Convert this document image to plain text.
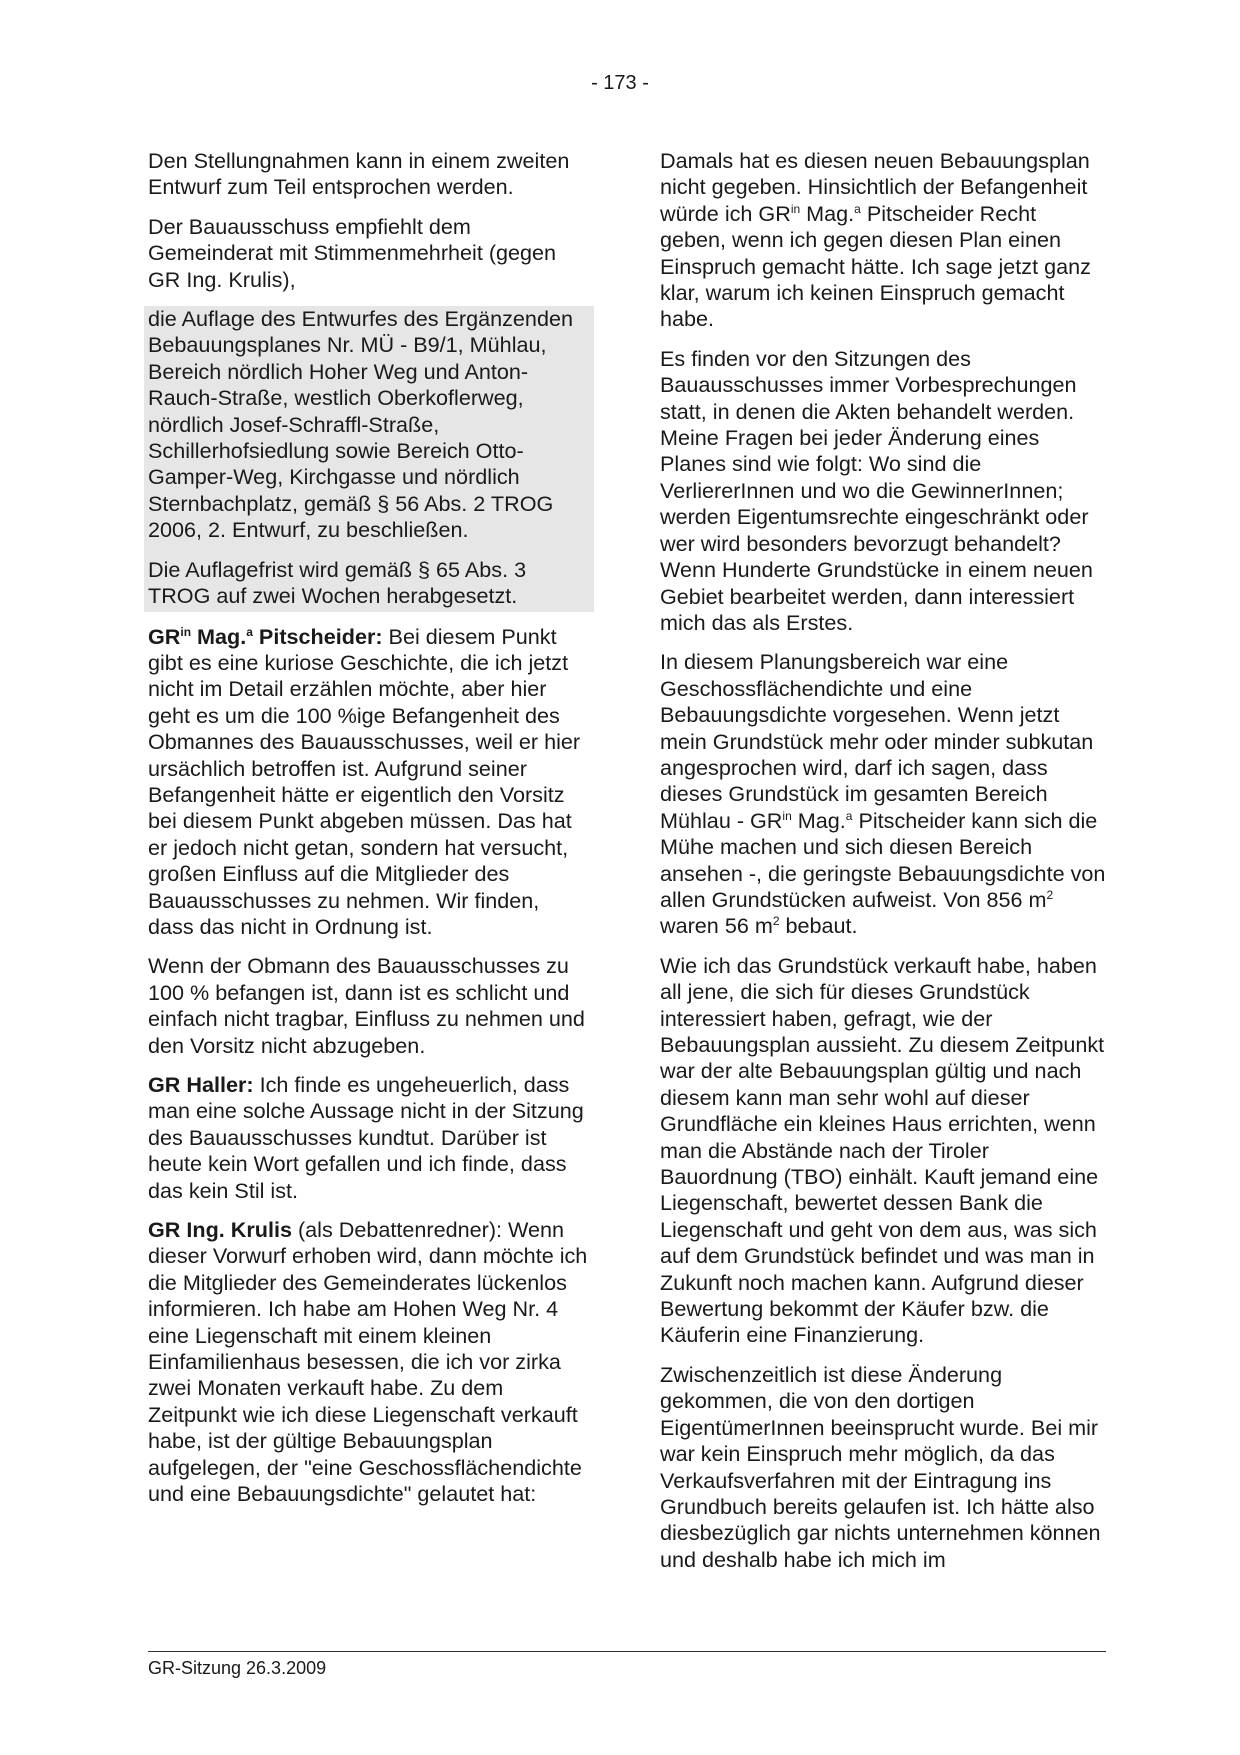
- 173 -

Den Stellungnahmen kann in einem zweiten Entwurf zum Teil entsprochen werden.

Der Bauausschuss empfiehlt dem Gemeinderat mit Stimmenmehrheit (gegen GR Ing. Krulis),

die Auflage des Entwurfes des Ergänzenden Bebauungsplanes Nr. MÜ - B9/1, Mühlau, Bereich nördlich Hoher Weg und Anton-Rauch-Straße, westlich Oberkoflerweg, nördlich Josef-Schraffl-Straße, Schillerhofsiedlung sowie Bereich Otto-Gamper-Weg, Kirchgasse und nördlich Sternbachplatz, gemäß § 56 Abs. 2 TROG 2006, 2. Entwurf, zu beschließen.

Die Auflagefrist wird gemäß § 65 Abs. 3 TROG auf zwei Wochen herabgesetzt.

$GR^{in}$ Mag.$^a$ Pitscheider: Bei diesem Punkt gibt es eine kuriose Geschichte, die ich jetzt nicht im Detail erzählen möchte, aber hier geht es um die 100 %ige Befangenheit des Obmannes des Bauausschusses, weil er hier ursächlich betroffen ist. Aufgrund seiner Befangenheit hätte er eigentlich den Vorsitz bei diesem Punkt abgeben müssen. Das hat er jedoch nicht getan, sondern hat versucht, großen Einfluss auf die Mitglieder des Bauausschusses zu nehmen. Wir finden, dass das nicht in Ordnung ist.

Wenn der Obmann des Bauausschusses zu 100 % befangen ist, dann ist es schlicht und einfach nicht tragbar, Einfluss zu nehmen und den Vorsitz nicht abzugeben.

GR Haller: Ich finde es ungeheuerlich, dass man eine solche Aussage nicht in der Sitzung des Bauausschusses kundtut. Darüber ist heute kein Wort gefallen und ich finde, dass das kein Stil ist.

GR Ing. Krulis (als Debattenredner): Wenn dieser Vorwurf erhoben wird, dann möchte ich die Mitglieder des Gemeinderates lückenlos informieren. Ich habe am Hohen Weg Nr. 4 eine Liegenschaft mit einem kleinen Einfamilienhaus besessen, die ich vor zirka zwei Monaten verkauft habe. Zu dem Zeitpunkt wie ich diese Liegenschaft verkauft habe, ist der gültige Bebauungsplan aufgelegen, der "eine Geschossflächendichte und eine Bebauungsdichte" gelautet hat:

Damals hat es diesen neuen Bebauungsplan nicht gegeben. Hinsichtlich der Befangenheit würde ich $GR^{in}$ Mag.$^a$ Pitscheider Recht geben, wenn ich gegen diesen Plan einen Einspruch gemacht hätte. Ich sage jetzt ganz klar, warum ich keinen Einspruch gemacht habe.

Es finden vor den Sitzungen des Bauausschusses immer Vorbesprechungen statt, in denen die Akten behandelt werden. Meine Fragen bei jeder Änderung eines Planes sind wie folgt: Wo sind die VerliererInnen und wo die GewinnerInnen; werden Eigentumsrechte eingeschränkt oder wer wird besonders bevorzugt behandelt? Wenn Hunderte Grundstücke in einem neuen Gebiet bearbeitet werden, dann interessiert mich das als Erstes.

In diesem Planungsbereich war eine Geschossflächendichte und eine Bebauungsdichte vorgesehen. Wenn jetzt mein Grundstück mehr oder minder subkutan angesprochen wird, darf ich sagen, dass dieses Grundstück im gesamten Bereich Mühlau - $GR^{in}$ Mag.$^a$ Pitscheider kann sich die Mühe machen und sich diesen Bereich ansehen -, die geringste Bebauungsdichte von allen Grundstücken aufweist. Von 856 $m^2$ waren 56 $m^2$ bebaut.

Wie ich das Grundstück verkauft habe, haben all jene, die sich für dieses Grundstück interessiert haben, gefragt, wie der Bebauungsplan aussieht. Zu diesem Zeitpunkt war der alte Bebauungsplan gültig und nach diesem kann man sehr wohl auf dieser Grundfläche ein kleines Haus errichten, wenn man die Abstände nach der Tiroler Bauordnung (TBO) einhält. Kauft jemand eine Liegenschaft, bewertet dessen Bank die Liegenschaft und geht von dem aus, was sich auf dem Grundstück befindet und was man in Zukunft noch machen kann. Aufgrund dieser Bewertung bekommt der Käufer bzw. die Käuferin eine Finanzierung.

Zwischenzeitlich ist diese Änderung gekommen, die von den dortigen EigentümerInnen beeinsprucht wurde. Bei mir war kein Einspruch mehr möglich, da das Verkaufsverfahren mit der Eintragung ins Grundbuch bereits gelaufen ist. Ich hätte also diesbezüglich gar nichts unternehmen können und deshalb habe ich mich im

GR-Sitzung 26.3.2009
